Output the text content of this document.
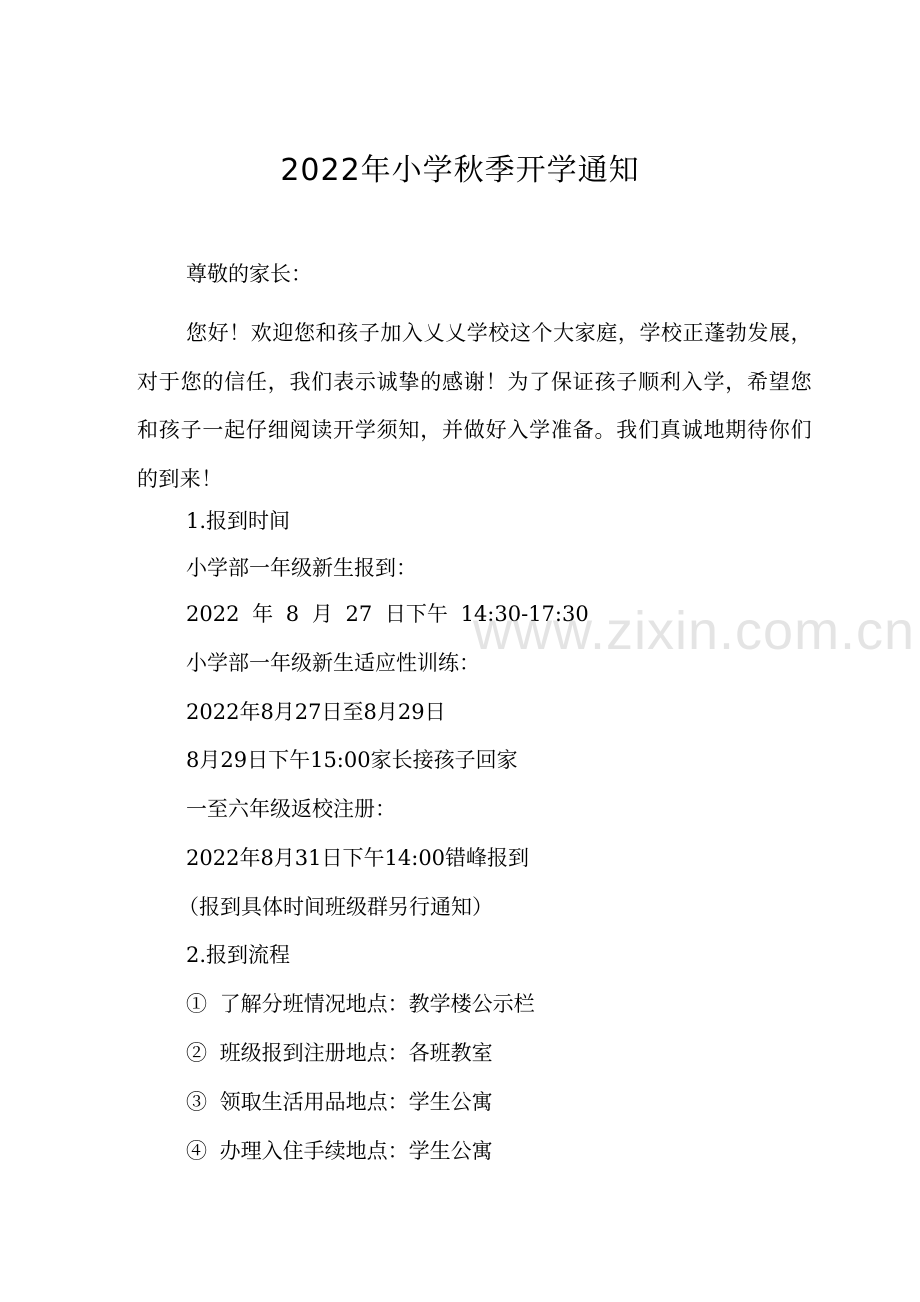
2022年小学秋季开学通知
尊敬的家长：
您好！欢迎您和孩子加入乂乂学校这个大家庭，学校正蓬勃发展，对于您的信任，我们表示诚挚的感谢！为了保证孩子顺利入学，希望您和孩子一起仔细阅读开学须知，并做好入学准备。我们真诚地期待你们的到来！
1.报到时间
小学部一年级新生报到：
2022 年 8 月 27 日下午 14:30-17:30
小学部一年级新生适应性训练：
2022年8月27日至8月29日
8月29日下午15:00家长接孩子回家
一至六年级返校注册：
2022年8月31日下午14:00错峰报到
（报到具体时间班级群另行通知）
2.报到流程
① 了解分班情况地点：教学楼公示栏
② 班级报到注册地点：各班教室
③ 领取生活用品地点：学生公寓
④ 办理入住手续地点：学生公寓
www.zixin.com.cn
